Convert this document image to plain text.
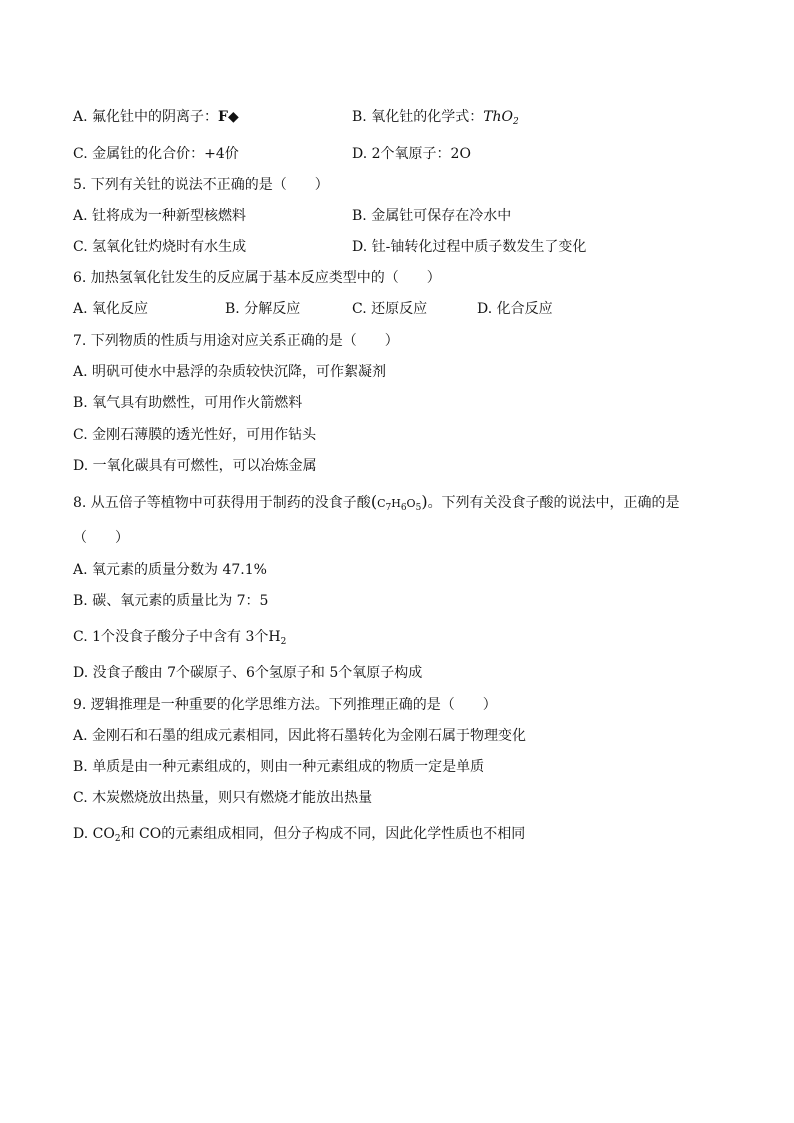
A. 氟化钍中的阴离子：F◆	B. 氧化钍的化学式：ThO$_2$
C. 金属钍的化合价：+4价	D. 2个氧原子：2O
5. 下列有关钍的说法不正确的是（　　）
A. 钍将成为一种新型核燃料	B. 金属钍可保存在冷水中
C. 氢氧化钍灼烧时有水生成	D. 钍-铀转化过程中质子数发生了变化
6. 加热氢氧化钍发生的反应属于基本反应类型中的（　　）
A. 氧化反应	B. 分解反应	C. 还原反应	D. 化合反应
7. 下列物质的性质与用途对应关系正确的是（　　）
A. 明矾可使水中悬浮的杂质较快沉降，可作絮凝剂
B. 氧气具有助燃性，可用作火箭燃料
C. 金刚石薄膜的透光性好，可用作钻头
D. 一氧化碳具有可燃性，可以冶炼金属
8. 从五倍子等植物中可获得用于制药的没食子酸$(C_7H_6O_5)$。下列有关没食子酸的说法中，正确的是
（　　）
A. 氧元素的质量分数为 47.1%
B. 碳、氧元素的质量比为 7：5
C. 1个没食子酸分子中含有 3个$H_2$
D. 没食子酸由 7个碳原子、6个氢原子和 5个氧原子构成
9. 逻辑推理是一种重要的化学思维方法。下列推理正确的是（　　）
A. 金刚石和石墨的组成元素相同，因此将石墨转化为金刚石属于物理变化
B. 单质是由一种元素组成的，则由一种元素组成的物质一定是单质
C. 木炭燃烧放出热量，则只有燃烧才能放出热量
D. $CO_2$和 CO的元素组成相同，但分子构成不同，因此化学性质也不相同
